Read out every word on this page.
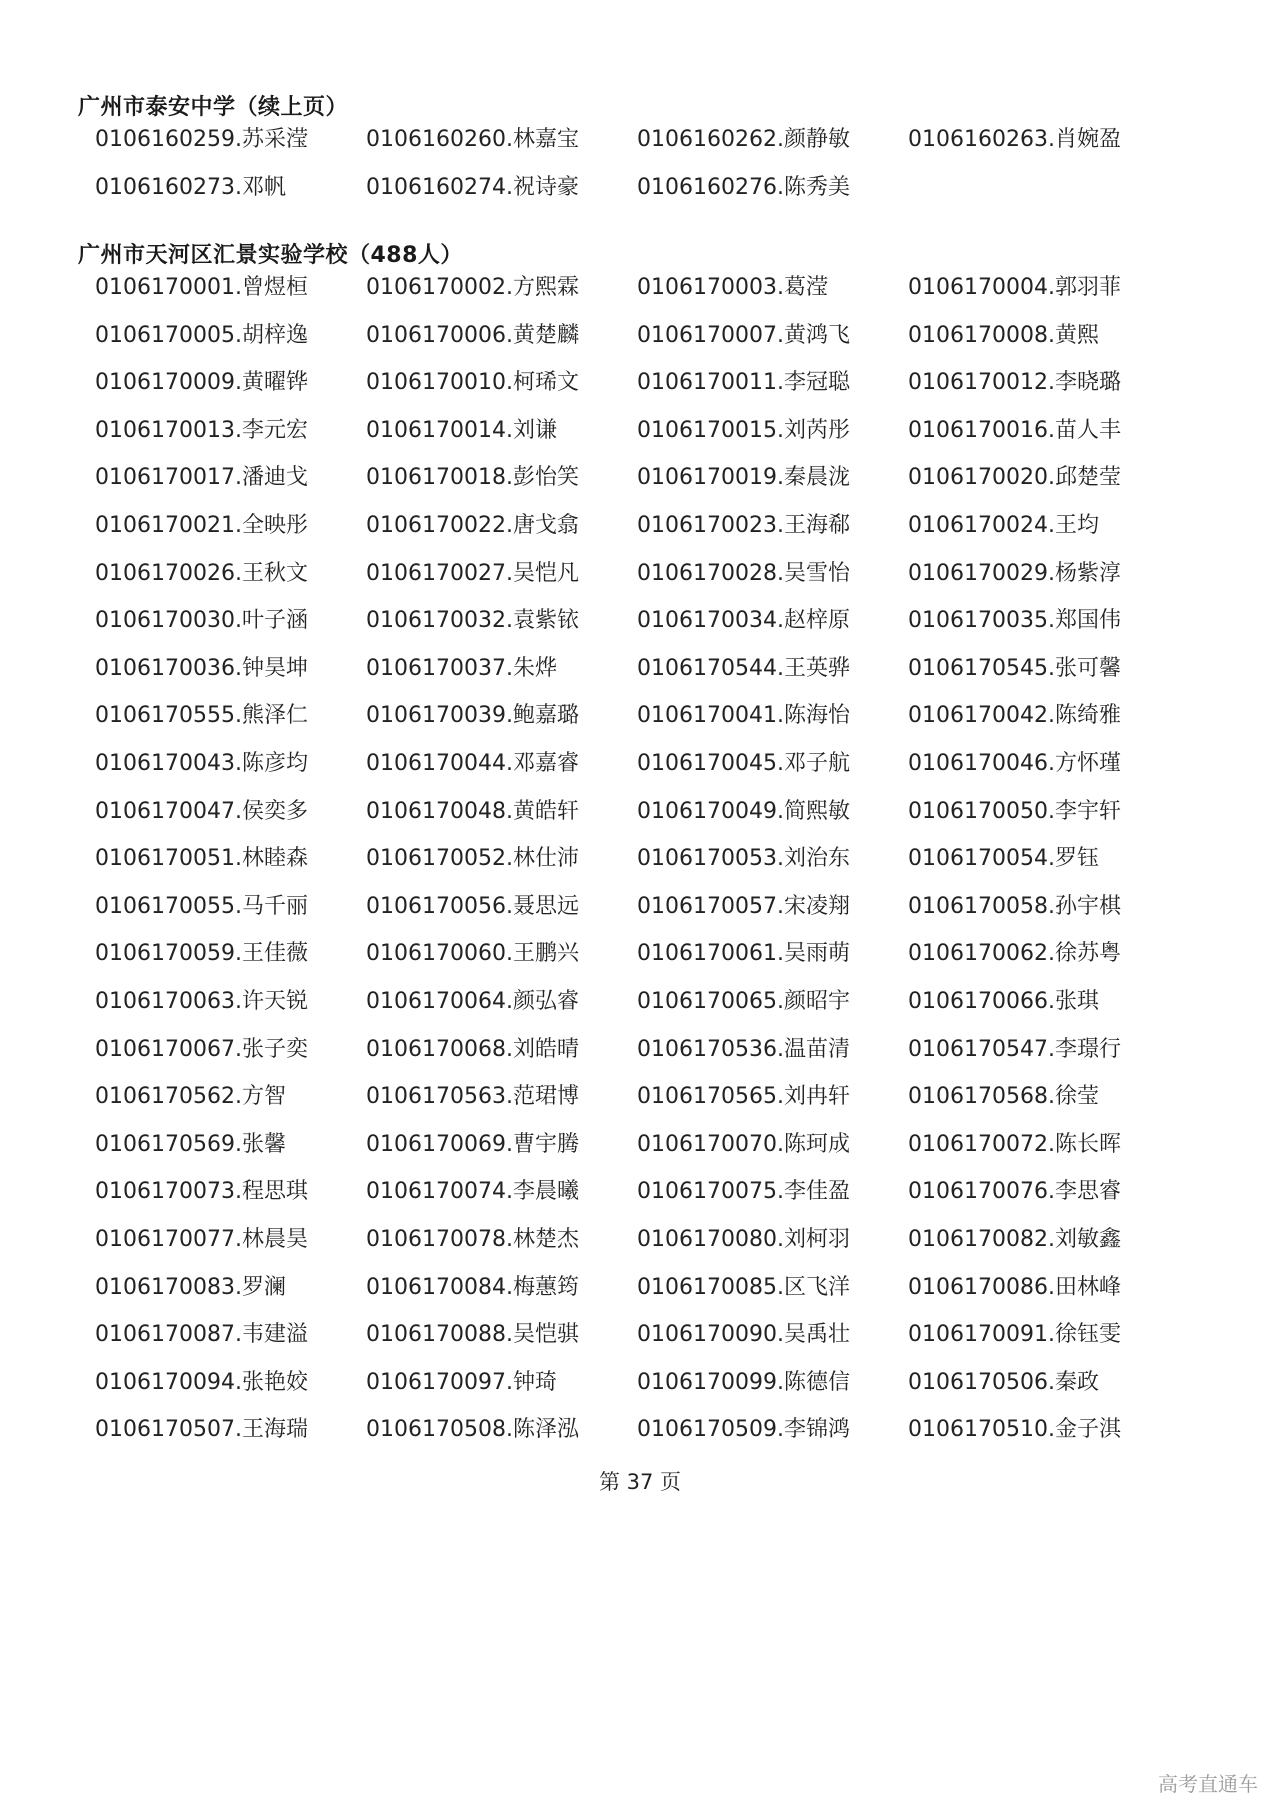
广州市泰安中学（续上页）
0106160259.苏采滢	0106160260.林嘉宝	0106160262.颜静敏	0106160263.肖婉盈
0106160273.邓帆	0106160274.祝诗豪	0106160276.陈秀美
广州市天河区汇景实验学校（488人）
0106170001.曾煜桓	0106170002.方熙霖	0106170003.葛滢	0106170004.郭羽菲
0106170005.胡梓逸	0106170006.黄楚麟	0106170007.黄鸿飞	0106170008.黄熙
0106170009.黄曜铧	0106170010.柯琋文	0106170011.李冠聪	0106170012.李晓璐
0106170013.李元宏	0106170014.刘谦	0106170015.刘芮彤	0106170016.苗人丰
0106170017.潘迪戈	0106170018.彭怡笑	0106170019.秦晨泷	0106170020.邱楚莹
0106170021.全映彤	0106170022.唐戈翕	0106170023.王海郗	0106170024.王均
0106170026.王秋文	0106170027.吴恺凡	0106170028.吴雪怡	0106170029.杨紫淳
0106170030.叶子涵	0106170032.袁紫铱	0106170034.赵梓原	0106170035.郑国伟
0106170036.钟昊坤	0106170037.朱烨	0106170544.王英骅	0106170545.张可馨
0106170555.熊泽仁	0106170039.鲍嘉璐	0106170041.陈海怡	0106170042.陈绮雅
0106170043.陈彦均	0106170044.邓嘉睿	0106170045.邓子航	0106170046.方怀瑾
0106170047.侯奕多	0106170048.黄皓轩	0106170049.简熙敏	0106170050.李宇轩
0106170051.林睦森	0106170052.林仕沛	0106170053.刘治东	0106170054.罗钰
0106170055.马千丽	0106170056.聂思远	0106170057.宋凌翔	0106170058.孙宇棋
0106170059.王佳薇	0106170060.王鹏兴	0106170061.吴雨萌	0106170062.徐苏粤
0106170063.许天锐	0106170064.颜弘睿	0106170065.颜昭宇	0106170066.张琪
0106170067.张子奕	0106170068.刘皓晴	0106170536.温苗清	0106170547.李璟行
0106170562.方智	0106170563.范珺博	0106170565.刘冉轩	0106170568.徐莹
0106170569.张馨	0106170069.曹宇腾	0106170070.陈珂成	0106170072.陈长晖
0106170073.程思琪	0106170074.李晨曦	0106170075.李佳盈	0106170076.李思睿
0106170077.林晨昊	0106170078.林楚杰	0106170080.刘柯羽	0106170082.刘敏鑫
0106170083.罗澜	0106170084.梅蕙筠	0106170085.区飞洋	0106170086.田林峰
0106170087.韦建溢	0106170088.吴恺骐	0106170090.吴禹壮	0106170091.徐钰雯
0106170094.张艳姣	0106170097.钟琦	0106170099.陈德信	0106170506.秦政
0106170507.王海瑞	0106170508.陈泽泓	0106170509.李锦鸿	0106170510.金子淇
第 37 页
高考直通车
